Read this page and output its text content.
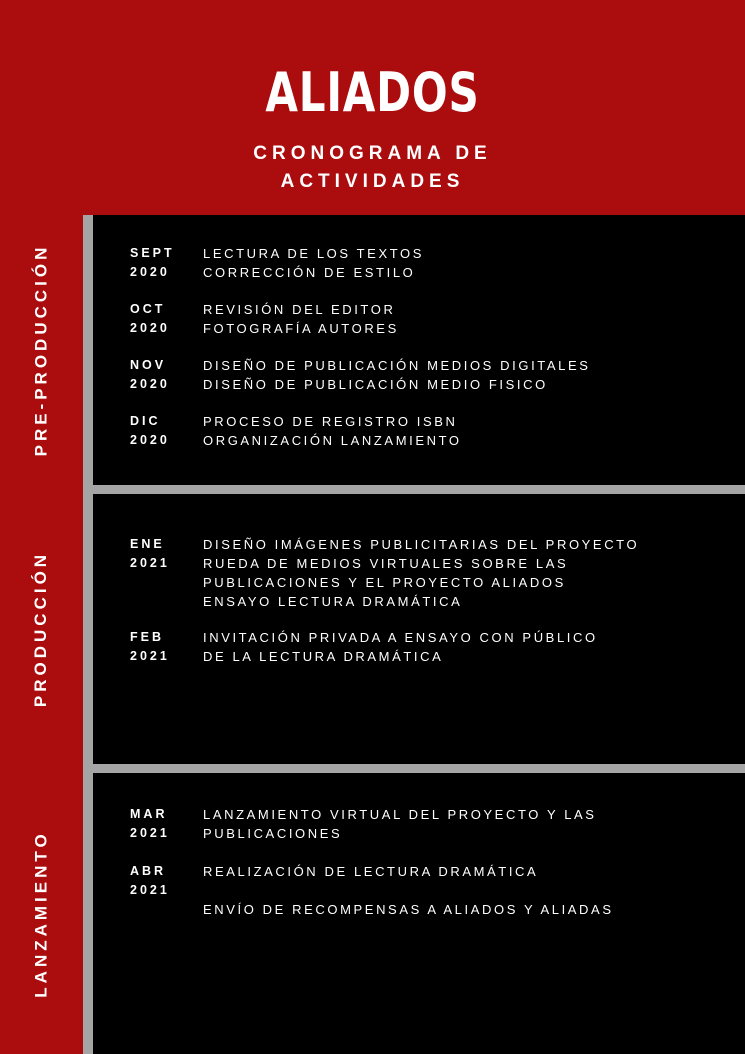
ALIADOS
CRONOGRAMA DE
ACTIVIDADES
PRE-PRODUCCIÓN	SEPT
2020
LECTURA DE LOS TEXTOS
CORRECCIÓN DE ESTILO
OCT
2020
REVISIÓN DEL EDITOR
FOTOGRAFÍA AUTORES
NOV
2020
DISEÑO DE PUBLICACIÓN MEDIOS DIGITALES
DISEÑO DE PUBLICACIÓN MEDIO FISICO
DIC
2020
PROCESO DE REGISTRO ISBN
ORGANIZACIÓN LANZAMIENTO
PRODUCCIÓN
ENE
2021
DISEÑO IMÁGENES PUBLICITARIAS DEL PROYECTO
RUEDA DE MEDIOS VIRTUALES SOBRE LAS
PUBLICACIONES Y EL PROYECTO ALIADOS
ENSAYO LECTURA DRAMÁTICA
FEB
2021
INVITACIÓN PRIVADA A ENSAYO CON PÚBLICO
DE LA LECTURA DRAMÁTICA
LANZAMIENTO
MAR
2021
LANZAMIENTO VIRTUAL DEL PROYECTO Y LAS
PUBLICACIONES
ABR
2021
REALIZACIÓN DE LECTURA DRAMÁTICA

ENVÍO DE RECOMPENSAS A ALIADOS Y ALIADAS
